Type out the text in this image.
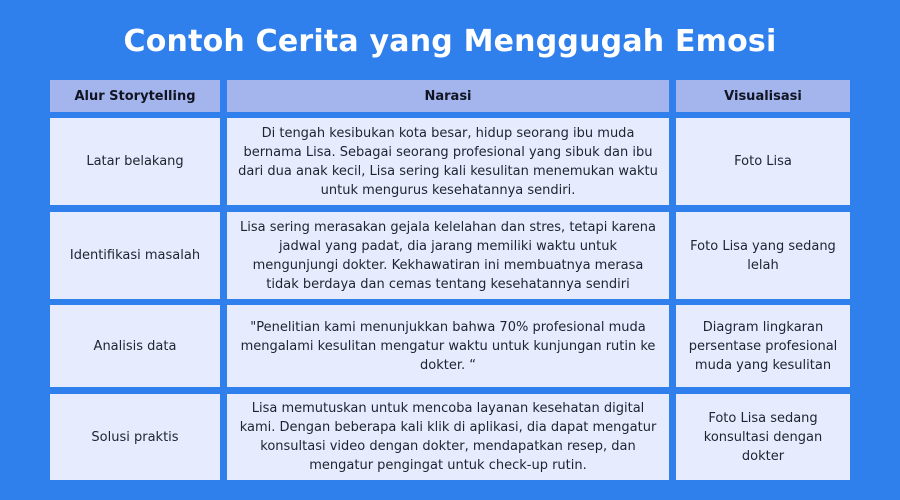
Contoh Cerita yang Menggugah Emosi
Alur Storytelling	Narasi	Visualisasi
Latar belakang
Di tengah kesibukan kota besar, hidup seorang ibu muda bernama Lisa. Sebagai seorang profesional yang sibuk dan ibu dari dua anak kecil, Lisa sering kali kesulitan menemukan waktu untuk mengurus kesehatannya sendiri.
Foto Lisa
Identifikasi masalah
Lisa sering merasakan gejala kelelahan dan stres, tetapi karena jadwal yang padat, dia jarang memiliki waktu untuk mengunjungi dokter. Kekhawatiran ini membuatnya merasa tidak berdaya dan cemas tentang kesehatannya sendiri
Foto Lisa yang sedang lelah
Analisis data
"Penelitian kami menunjukkan bahwa 70% profesional muda mengalami kesulitan mengatur waktu untuk kunjungan rutin ke dokter. “
Diagram lingkaran persentase profesional muda yang kesulitan
Solusi praktis
Lisa memutuskan untuk mencoba layanan kesehatan digital kami. Dengan beberapa kali klik di aplikasi, dia dapat mengatur konsultasi video dengan dokter, mendapatkan resep, dan mengatur pengingat untuk check-up rutin.
Foto Lisa sedang konsultasi dengan dokter
